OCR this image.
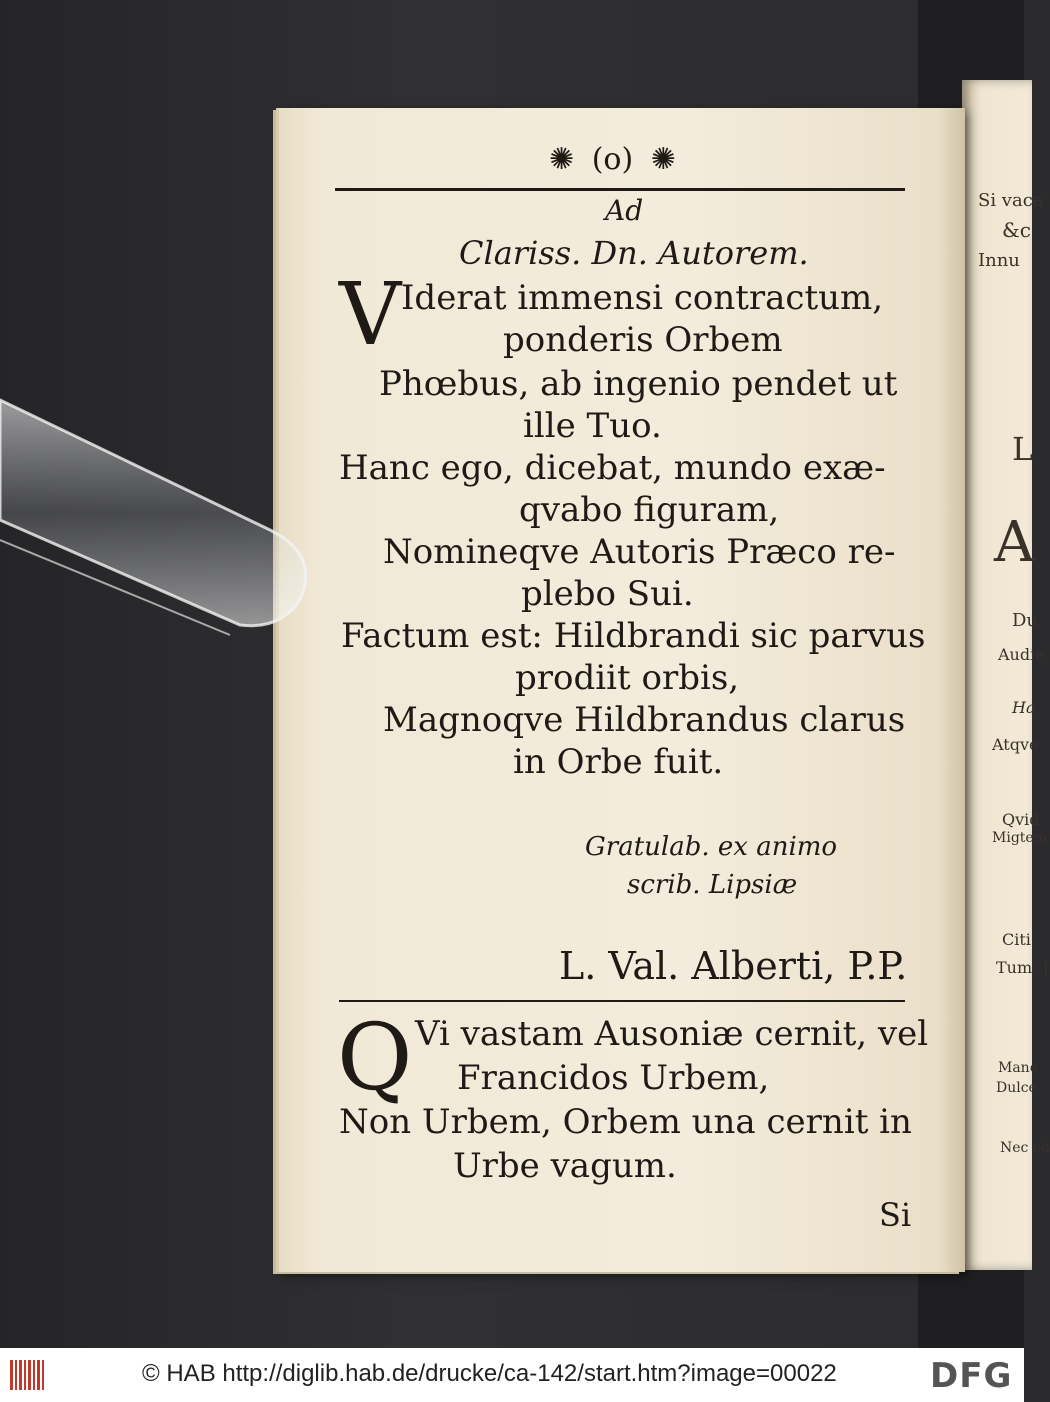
Si vaca
&c
Innu
L
A
Du
Audie
Ha
Atqve
Qvid
Migtem
Citi
Tum: J
Mane
Dulce
Nec ed
✺ (o) ✺
Ad
Clariss. Dn. Autorem.
V Iderat immensi contractum,
ponderis Orbem
Phœbus, ab ingenio pendet ut
ille Tuo.
Hanc ego, dicebat, mundo exæ-
qvabo figuram,
Nomineqve Autoris Præco re-
plebo Sui.
Factum est: Hildbrandi sic parvus
prodiit orbis,
Magnoqve Hildbrandus clarus
in Orbe fuit.
Gratulab. ex animo
scrib. Lipsiæ
L. Val. Alberti, P.P.
Q Vi vastam Ausoniæ cernit, vel
Francidos Urbem,
Non Urbem, Orbem una cernit in
Urbe vagum.
Si
© HAB http://diglib.hab.de/drucke/ca-142/start.htm?image=00022	DFG
